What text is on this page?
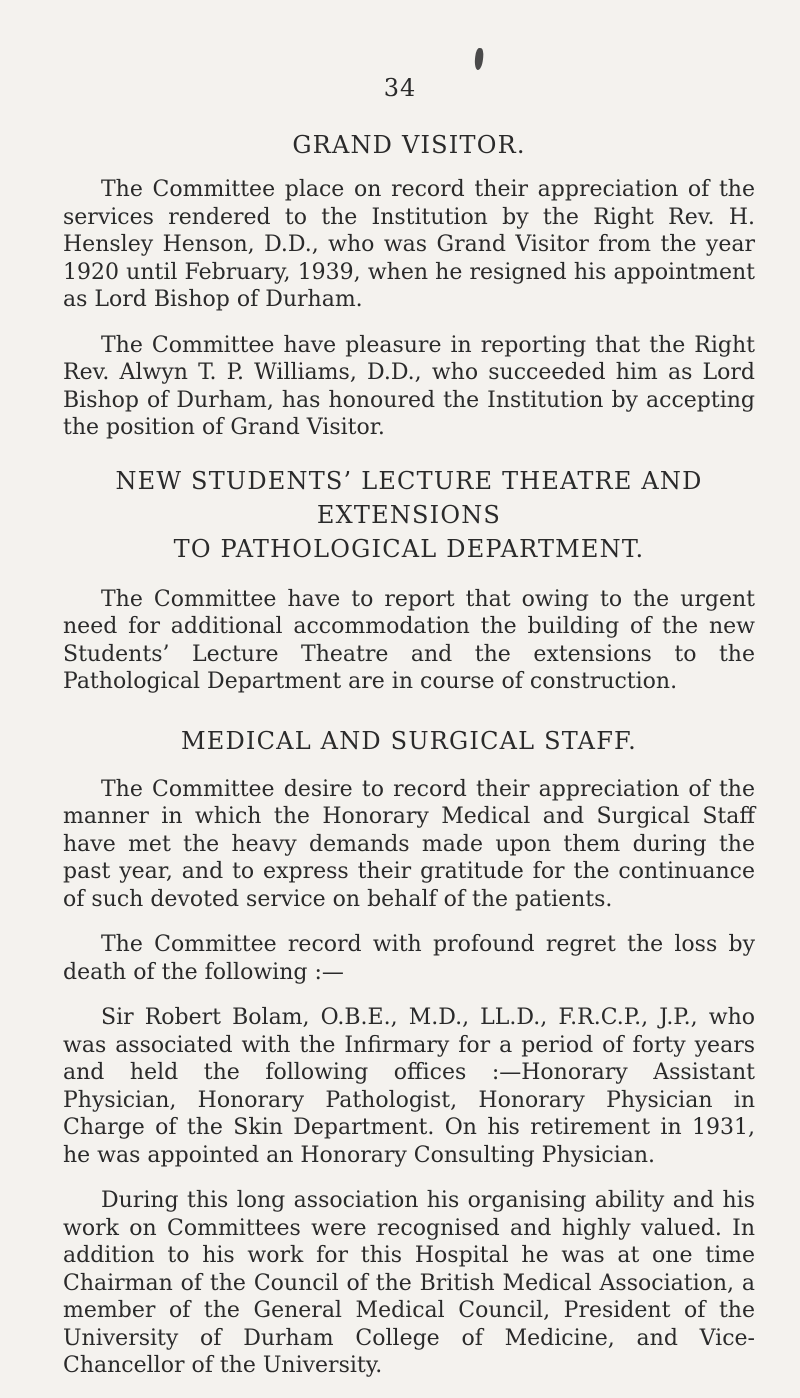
34
GRAND VISITOR.

The Committee place on record their appreciation of the services rendered to the Institution by the Right Rev. H. Hensley Henson, D.D., who was Grand Visitor from the year 1920 until February, 1939, when he resigned his appointment as Lord Bishop of Durham.

The Committee have pleasure in reporting that the Right Rev. Alwyn T. P. Williams, D.D., who succeeded him as Lord Bishop of Durham, has honoured the Institution by accepting the position of Grand Visitor.

NEW STUDENTS’ LECTURE THEATRE AND EXTENSIONS
TO PATHOLOGICAL DEPARTMENT.

The Committee have to report that owing to the urgent need for additional accommodation the building of the new Students’ Lecture Theatre and the extensions to the Pathological Department are in course of construction.

MEDICAL AND SURGICAL STAFF.

The Committee desire to record their appreciation of the manner in which the Honorary Medical and Surgical Staff have met the heavy demands made upon them during the past year, and to express their gratitude for the continuance of such devoted service on behalf of the patients.

The Committee record with profound regret the loss by death of the following :—

Sir Robert Bolam, O.B.E., M.D., LL.D., F.R.C.P., J.P., who was associated with the Infirmary for a period of forty years and held the following offices :—Honorary Assistant Physician, Honorary Pathologist, Honorary Physician in Charge of the Skin Department. On his retirement in 1931, he was appointed an Honorary Consulting Physician.

During this long association his organising ability and his work on Committees were recognised and highly valued. In addition to his work for this Hospital he was at one time Chairman of the Council of the British Medical Association, a member of the General Medical Council, President of the University of Durham College of Medicine, and Vice-Chancellor of the University.
